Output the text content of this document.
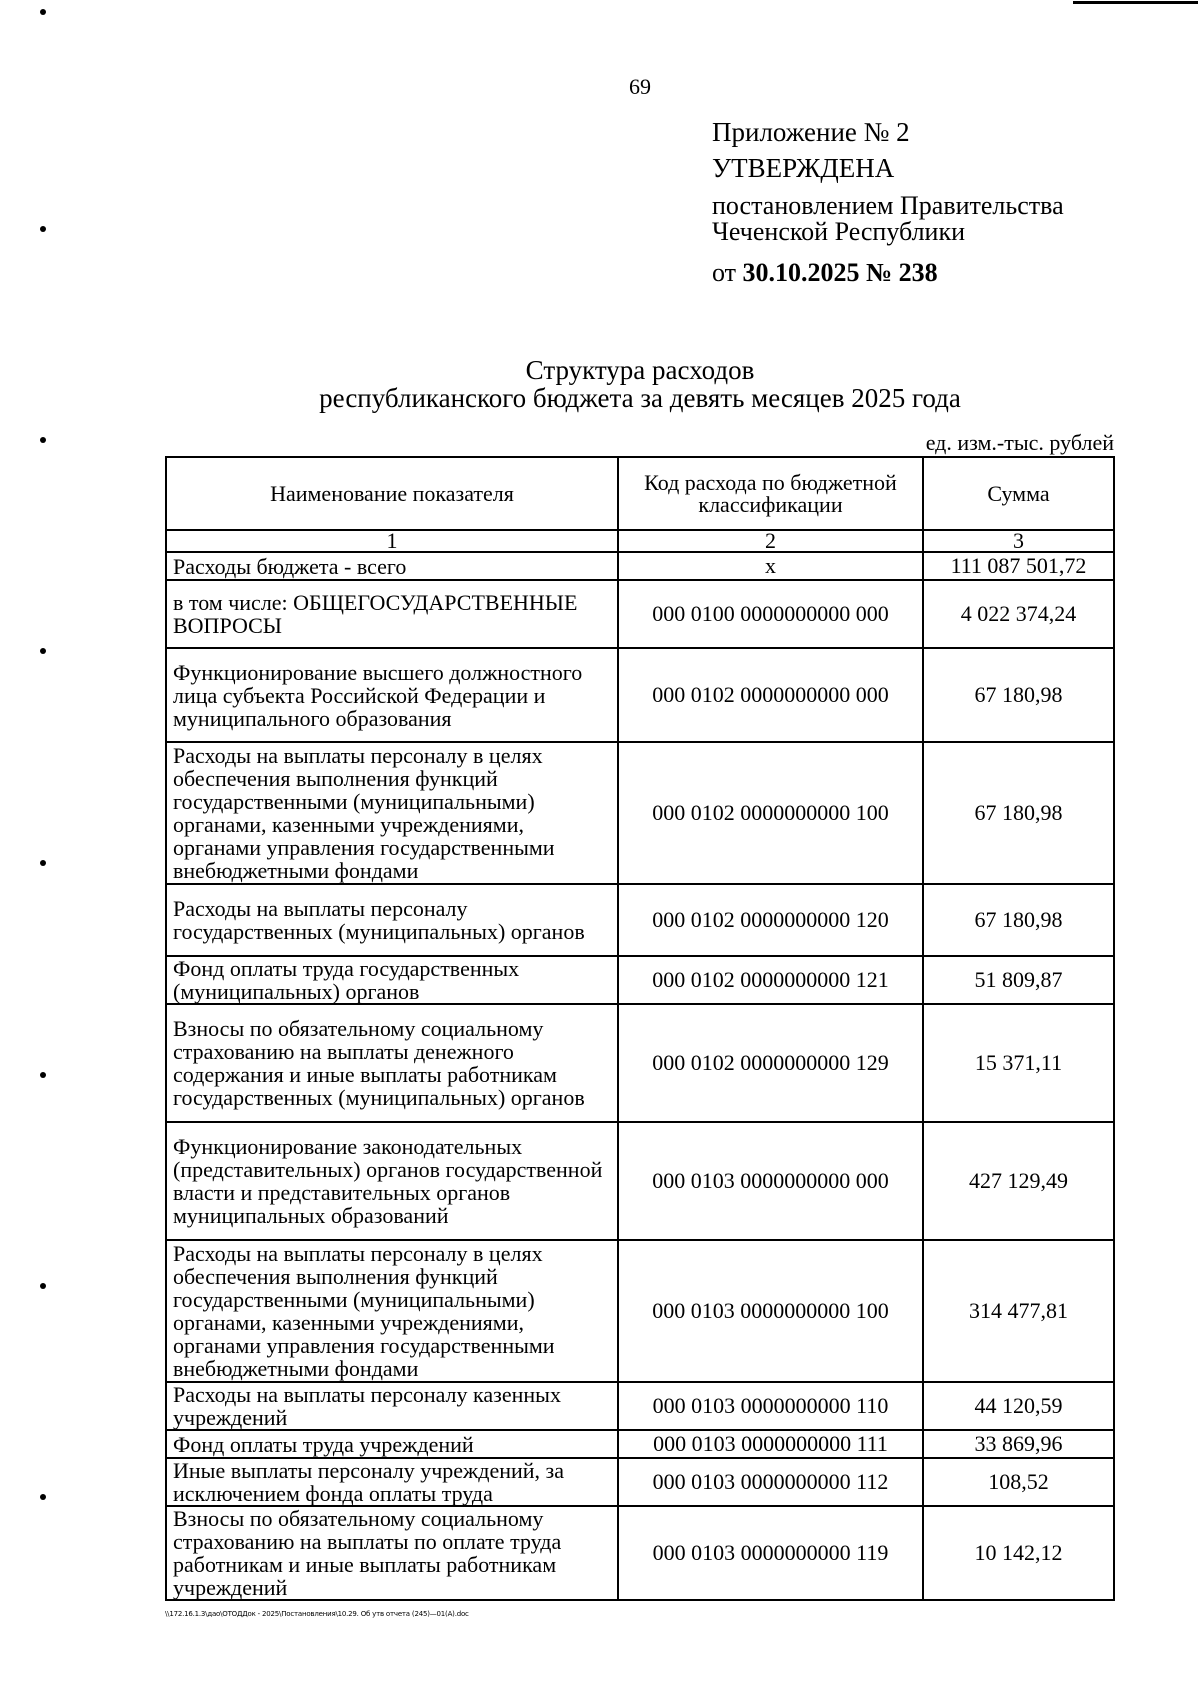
69
Приложение № 2
УТВЕРЖДЕНА
постановлением Правительства
Чеченской Республики
от 30.10.2025 № 238
Структура расходов
республиканского бюджета за девять месяцев 2025 года
ед. изм.-тыс. рублей
Наименование показателя	Код расхода по бюджетной классификации	Сумма
1	2	3
Расходы бюджета - всего	x	111 087 501,72
в том числе: ОБЩЕГОСУДАРСТВЕННЫЕ ВОПРОСЫ	000 0100 0000000000 000	4 022 374,24
Функционирование высшего должностного лица субъекта Российской Федерации и муниципального образования	000 0102 0000000000 000	67 180,98
Расходы на выплаты персоналу в целях обеспечения выполнения функций государственными (муниципальными) органами, казенными учреждениями, органами управления государственными внебюджетными фондами	000 0102 0000000000 100	67 180,98
Расходы на выплаты персоналу государственных (муниципальных) органов	000 0102 0000000000 120	67 180,98
Фонд оплаты труда государственных (муниципальных) органов	000 0102 0000000000 121	51 809,87
Взносы по обязательному социальному страхованию на выплаты денежного содержания и иные выплаты работникам государственных (муниципальных) органов	000 0102 0000000000 129	15 371,11
Функционирование законодательных (представительных) органов государственной власти и представительных органов муниципальных образований	000 0103 0000000000 000	427 129,49
Расходы на выплаты персоналу в целях обеспечения выполнения функций государственными (муниципальными) органами, казенными учреждениями, органами управления государственными внебюджетными фондами	000 0103 0000000000 100	314 477,81
Расходы на выплаты персоналу казенных учреждений	000 0103 0000000000 110	44 120,59
Фонд оплаты труда учреждений	000 0103 0000000000 111	33 869,96
Иные выплаты персоналу учреждений, за исключением фонда оплаты труда	000 0103 0000000000 112	108,52
Взносы по обязательному социальному страхованию на выплаты по оплате труда работникам и иные выплаты работникам учреждений	000 0103 0000000000 119	10 142,12
\\172.16.1.3\дао\ОТОДДок - 2025\Постановления\10.29. Об утв отчета (245)—01(А).doc
